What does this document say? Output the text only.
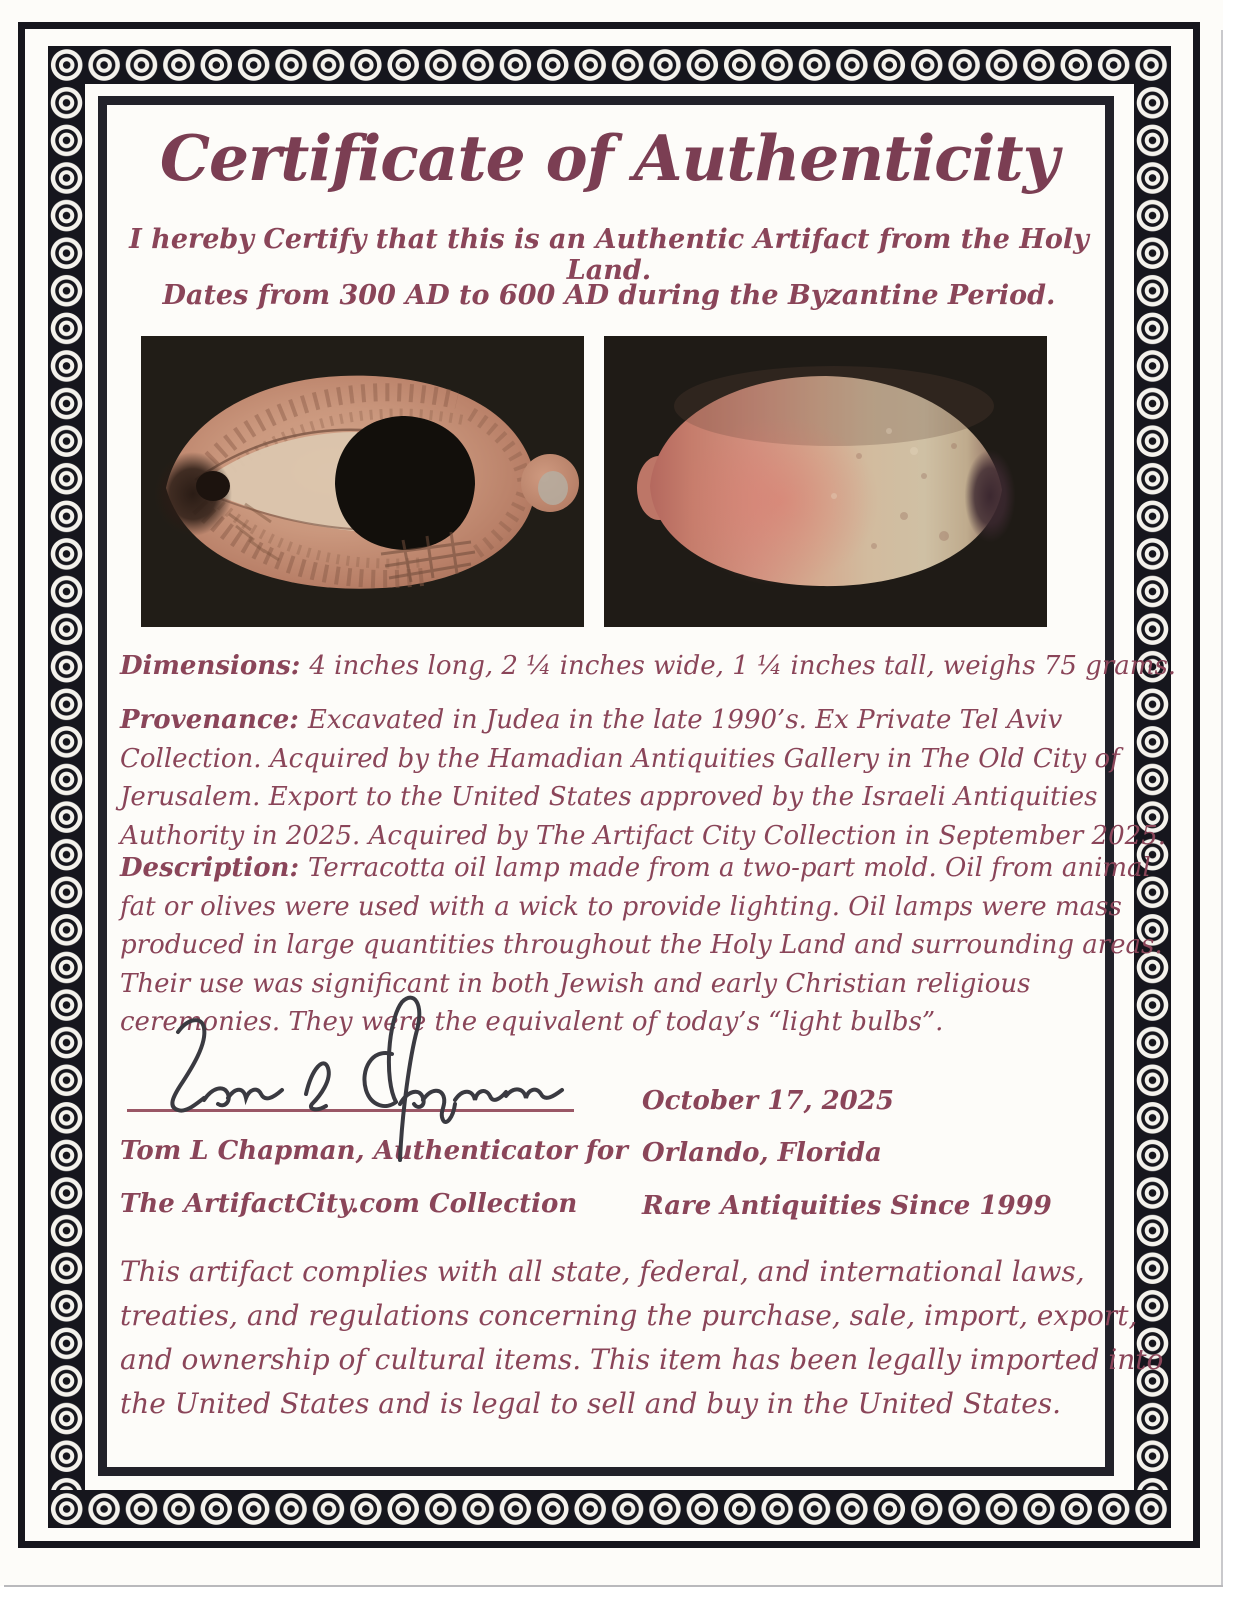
Certificate of Authenticity
I hereby Certify that this is an Authentic Artifact from the Holy Land.
Dates from 300 AD to 600 AD during the Byzantine Period.
Dimensions: 4 inches long, 2 ¼ inches wide, 1 ¼ inches tall, weighs 75 grams.
Provenance: Excavated in Judea in the late 1990’s. Ex Private Tel Aviv
Collection. Acquired by the Hamadian Antiquities Gallery in The Old City of
Jerusalem. Export to the United States approved by the Israeli Antiquities
Authority in 2025. Acquired by The Artifact City Collection in September 2025.
Description: Terracotta oil lamp made from a two-part mold. Oil from animal
fat or olives were used with a wick to provide lighting. Oil lamps were mass
produced in large quantities throughout the Holy Land and surrounding areas.
Their use was significant in both Jewish and early Christian religious
ceremonies. They were the equivalent of today’s “light bulbs”.
Tom L Chapman, Authenticator for
The ArtifactCity.com Collection
October 17, 2025
Orlando, Florida
Rare Antiquities Since 1999
This artifact complies with all state, federal, and international laws,
treaties, and regulations concerning the purchase, sale, import, export,
and ownership of cultural items. This item has been legally imported into
the United States and is legal to sell and buy in the United States.
